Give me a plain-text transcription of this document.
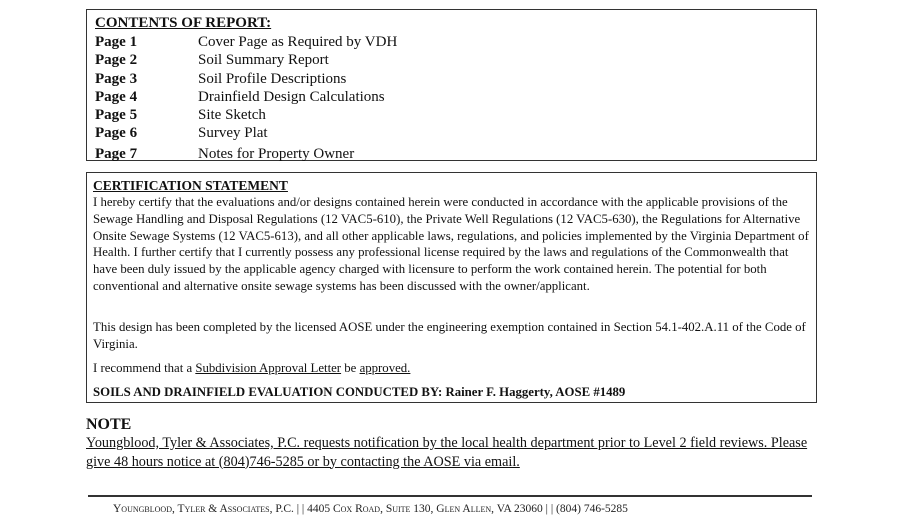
CONTENTS OF REPORT:
Page 1	Cover Page as Required by VDH
Page 2	Soil Summary Report
Page 3	Soil Profile Descriptions
Page 4	Drainfield Design Calculations
Page 5	Site Sketch
Page 6	Survey Plat
Page 7	Notes for Property Owner
CERTIFICATION STATEMENT

I hereby certify that the evaluations and/or designs contained herein were conducted in accordance with the applicable provisions of the Sewage Handling and Disposal Regulations (12 VAC5-610), the Private Well Regulations (12 VAC5-630), the Regulations for Alternative Onsite Sewage Systems (12 VAC5-613), and all other applicable laws, regulations, and policies implemented by the Virginia Department of Health. I further certify that I currently possess any professional license required by the laws and regulations of the Commonwealth that have been duly issued by the applicable agency charged with licensure to perform the work contained herein. The potential for both conventional and alternative onsite sewage systems has been discussed with the owner/applicant.

This design has been completed by the licensed AOSE under the engineering exemption contained in Section 54.1-402.A.11 of the Code of Virginia.

I recommend that a Subdivision Approval Letter be approved.

SOILS AND DRAINFIELD EVALUATION CONDUCTED BY: Rainer F. Haggerty, AOSE #1489

NOTE

Youngblood, Tyler & Associates, P.C. requests notification by the local health department prior to Level 2 field reviews. Please give 48 hours notice at (804)746-5285 or by contacting the AOSE via email.

Youngblood, Tyler & Associates, P.C. | | 4405 Cox Road, Suite 130, Glen Allen, VA 23060 | | (804) 746-5285
